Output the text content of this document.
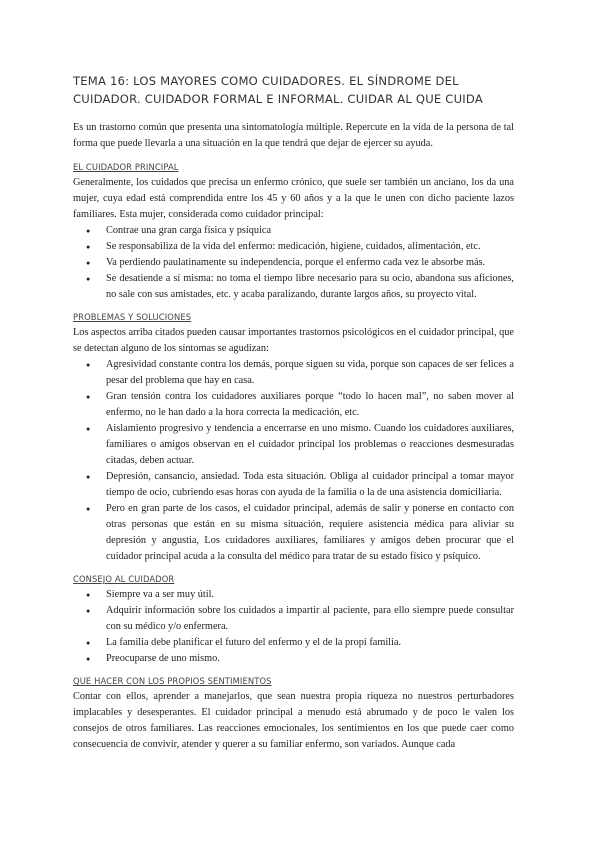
TEMA 16: LOS MAYORES COMO CUIDADORES. EL SÍNDROME DEL CUIDADOR. CUIDADOR FORMAL E INFORMAL. CUIDAR AL QUE CUIDA

Es un trastorno común que presenta una sintomatología múltiple. Repercute en la vida de la persona de tal forma que puede llevarla a una situación en la que tendrá que dejar de ejercer su ayuda.

EL CUIDADOR PRINCIPAL

Generalmente, los cuidados que precisa un enfermo crónico, que suele ser también un anciano, los da una mujer, cuya edad está comprendida entre los 45 y 60 años y a la que le unen con dicho paciente lazos familiares. Esta mujer, considerada como cuidador principal:

● Contrae una gran carga física y psíquica
● Se responsabiliza de la vida del enfermo: medicación, higiene, cuidados, alimentación, etc.
● Va perdiendo paulatinamente su independencia, porque el enfermo cada vez le absorbe más.
● Se desatiende a sí misma: no toma el tiempo libre necesario para su ocio, abandona sus aficiones, no sale con sus amistades, etc. y acaba paralizando, durante largos años, su proyecto vital.
PROBLEMAS Y SOLUCIONES

Los aspectos arriba citados pueden causar importantes trastornos psicológicos en el cuidador principal, que se detectan alguno de los síntomas se agudizan:

● Agresividad constante contra los demás, porque siguen su vida, porque son capaces de ser felices a pesar del problema que hay en casa.
● Gran tensión contra los cuidadores auxiliares porque “todo lo hacen mal”, no saben mover al enfermo, no le han dado a la hora correcta la medicación, etc.
● Aislamiento progresivo y tendencia a encerrarse en uno mismo. Cuando los cuidadores auxiliares, familiares o amigos observan en el cuidador principal los problemas o reacciones desmesuradas citadas, deben actuar.
● Depresión, cansancio, ansiedad. Toda esta situación. Obliga al cuidador principal a tomar mayor tiempo de ocio, cubriendo esas horas con ayuda de la familia o la de una asistencia domiciliaria.
● Pero en gran parte de los casos, el cuidador principal, además de salir y ponerse en contacto con otras personas que están en su misma situación, requiere asistencia médica para aliviar su depresión y angustia, Los cuidadores auxiliares, familiares y amigos deben procurar que el cuidador principal acuda a la consulta del médico para tratar de su estado físico y psíquico.
CONSEJO AL CUIDADOR
● Siempre va a ser muy útil.
● Adquirir información sobre los cuidados a impartir al paciente, para ello siempre puede consultar con su médico y/o enfermera.
● La familia debe planificar el futuro del enfermo y el de la propi familia.
● Preocuparse de uno mismo.
QUE HACER CON LOS PROPIOS SENTIMIENTOS

Contar con ellos, aprender a manejarlos, que sean nuestra propia riqueza no nuestros perturbadores implacables y desesperantes. El cuidador principal a menudo está abrumado y de poco le valen los consejos de otros familiares. Las reacciones emocionales, los sentimientos en los que puede caer como consecuencia de convivir, atender y querer a su familiar enfermo, son variados. Aunque cada
